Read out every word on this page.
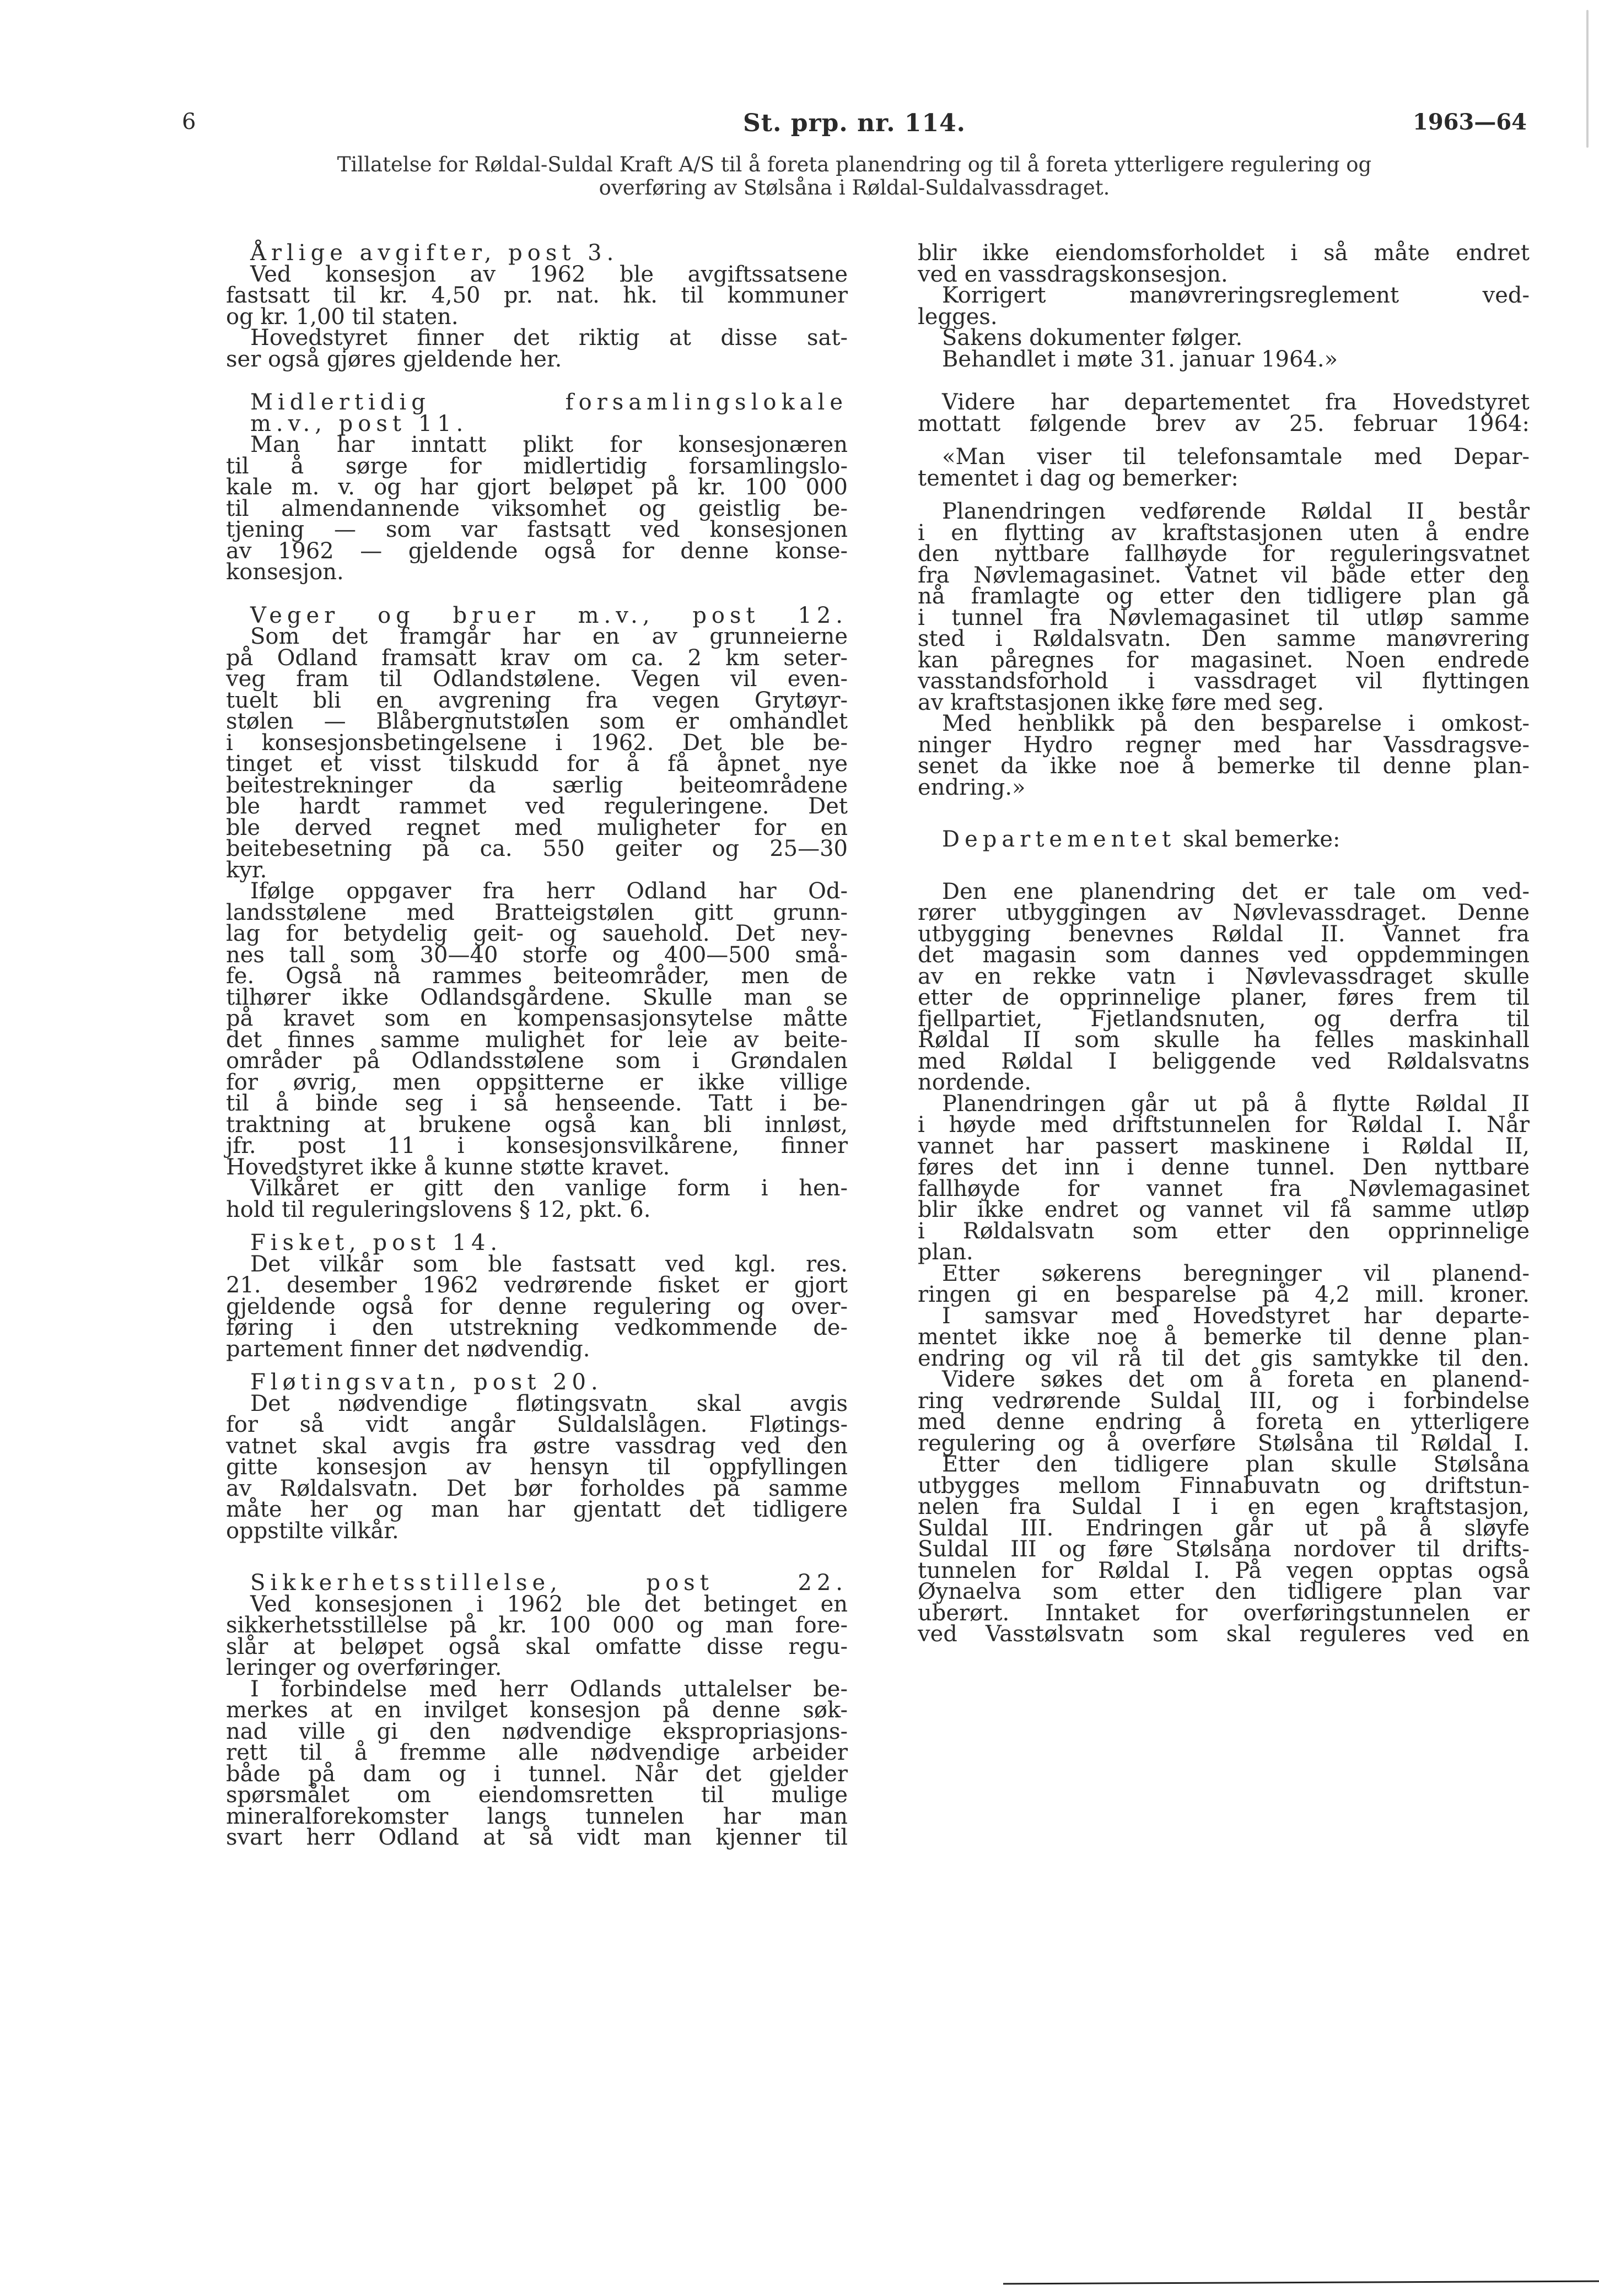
6	St. prp. nr. 114.	1963—64
Tillatelse for Røldal-Suldal Kraft A/S til å foreta planendring og til å foreta ytterligere regulering og
overføring av Stølsåna i Røldal-Suldalvassdraget.
Årlige avgifter, post 3.
Ved konsesjon av 1962 ble avgiftssatsene
fastsatt til kr. 4,50 pr. nat. hk. til kommuner
og kr. 1,00 til staten.
Hovedstyret finner det riktig at disse sat-
ser også gjøres gjeldende her.
Midlertidig forsamlingslokale
m.v., post 11.
Man har inntatt plikt for konsesjonæren
til å sørge for midlertidig forsamlingslo-
kale m. v. og har gjort beløpet på kr. 100 000
til almendannende viksomhet og geistlig be-
tjening — som var fastsatt ved konsesjonen
av 1962 — gjeldende også for denne konse-
konsesjon.
Veger og bruer m.v., post 12.
Som det framgår har en av grunneierne
på Odland framsatt krav om ca. 2 km seter-
veg fram til Odlandstølene. Vegen vil even-
tuelt bli en avgrening fra vegen Grytøyr-
stølen — Blåbergnutstølen som er omhandlet
i konsesjonsbetingelsene i 1962. Det ble be-
tinget et visst tilskudd for å få åpnet nye
beitestrekninger da særlig beiteområdene
ble hardt rammet ved reguleringene. Det
ble derved regnet med muligheter for en
beitebesetning på ca. 550 geiter og 25—30
kyr.
Ifølge oppgaver fra herr Odland har Od-
landsstølene med Bratteigstølen gitt grunn-
lag for betydelig geit- og sauehold. Det nev-
nes tall som 30—40 storfe og 400—500 små-
fe. Også nå rammes beiteområder, men de
tilhører ikke Odlandsgårdene. Skulle man se
på kravet som en kompensasjonsytelse måtte
det finnes samme mulighet for leie av beite-
områder på Odlandsstølene som i Grøndalen
for øvrig, men oppsitterne er ikke villige
til å binde seg i så henseende. Tatt i be-
traktning at brukene også kan bli innløst,
jfr. post 11 i konsesjonsvilkårene, finner
Hovedstyret ikke å kunne støtte kravet.
Vilkåret er gitt den vanlige form i hen-
hold til reguleringslovens § 12, pkt. 6.
Fisket, post 14.
Det vilkår som ble fastsatt ved kgl. res.
21. desember 1962 vedrørende fisket er gjort
gjeldende også for denne regulering og over-
føring i den utstrekning vedkommende de-
partement finner det nødvendig.
Fløtingsvatn, post 20.
Det nødvendige fløtingsvatn skal avgis
for så vidt angår Suldalslågen. Fløtings-
vatnet skal avgis fra østre vassdrag ved den
gitte konsesjon av hensyn til oppfyllingen
av Røldalsvatn. Det bør forholdes på samme
måte her og man har gjentatt det tidligere
oppstilte vilkår.
Sikkerhetsstillelse, post 22.
Ved konsesjonen i 1962 ble det betinget en
sikkerhetsstillelse på kr. 100 000 og man fore-
slår at beløpet også skal omfatte disse regu-
leringer og overføringer.
I forbindelse med herr Odlands uttalelser be-
merkes at en invilget konsesjon på denne søk-
nad ville gi den nødvendige ekspropriasjons-
rett til å fremme alle nødvendige arbeider
både på dam og i tunnel. Når det gjelder
spørsmålet om eiendomsretten til mulige
mineralforekomster langs tunnelen har man
svart herr Odland at så vidt man kjenner til
blir ikke eiendomsforholdet i så måte endret
ved en vassdragskonsesjon.
Korrigert manøvreringsreglement ved-
legges.
Sakens dokumenter følger.
Behandlet i møte 31. januar 1964.»
Videre har departementet fra Hovedstyret
mottatt følgende brev av 25. februar 1964:
«Man viser til telefonsamtale med Depar-
tementet i dag og bemerker:
Planendringen vedførende Røldal II består
i en flytting av kraftstasjonen uten å endre
den nyttbare fallhøyde for reguleringsvatnet
fra Nøvlemagasinet. Vatnet vil både etter den
nå framlagte og etter den tidligere plan gå
i tunnel fra Nøvlemagasinet til utløp samme
sted i Røldalsvatn. Den samme manøvrering
kan påregnes for magasinet. Noen endrede
vasstandsforhold i vassdraget vil flyttingen
av kraftstasjonen ikke føre med seg.
Med henblikk på den besparelse i omkost-
ninger Hydro regner med har Vassdragsve-
senet da ikke noe å bemerke til denne plan-
endring.»
Departementet skal bemerke:
Den ene planendring det er tale om ved-
rører utbyggingen av Nøvlevassdraget. Denne
utbygging benevnes Røldal II. Vannet fra
det magasin som dannes ved oppdemmingen
av en rekke vatn i Nøvlevassdraget skulle
etter de opprinnelige planer, føres frem til
fjellpartiet, Fjetlandsnuten, og derfra til
Røldal II som skulle ha felles maskinhall
med Røldal I beliggende ved Røldalsvatns
nordende.
Planendringen går ut på å flytte Røldal II
i høyde med driftstunnelen for Røldal I. Når
vannet har passert maskinene i Røldal II,
føres det inn i denne tunnel. Den nyttbare
fallhøyde for vannet fra Nøvlemagasinet
blir ikke endret og vannet vil få samme utløp
i Røldalsvatn som etter den opprinnelige
plan.
Etter søkerens beregninger vil planend-
ringen gi en besparelse på 4,2 mill. kroner.
I samsvar med Hovedstyret har departe-
mentet ikke noe å bemerke til denne plan-
endring og vil rå til det gis samtykke til den.
Videre søkes det om å foreta en planend-
ring vedrørende Suldal III, og i forbindelse
med denne endring å foreta en ytterligere
regulering og å overføre Stølsåna til Røldal I.
Etter den tidligere plan skulle Stølsåna
utbygges mellom Finnabuvatn og driftstun-
nelen fra Suldal I i en egen kraftstasjon,
Suldal III. Endringen går ut på å sløyfe
Suldal III og føre Stølsåna nordover til drifts-
tunnelen for Røldal I. På vegen opptas også
Øynaelva som etter den tidligere plan var
uberørt. Inntaket for overføringstunnelen er
ved Vasstølsvatn som skal reguleres ved en
